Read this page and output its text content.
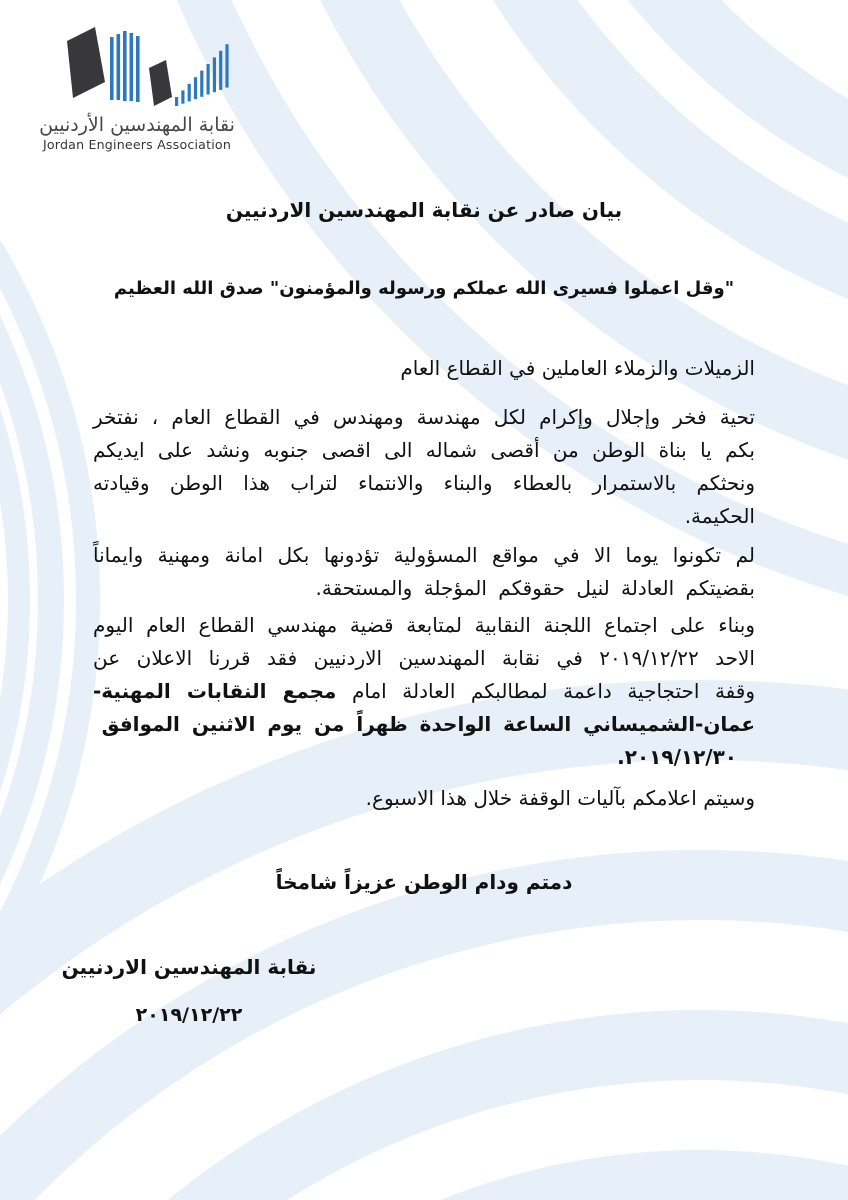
نقابة المهندسين الأردنيين
Jordan Engineers Association
بيان صادر عن نقابة المهندسين الاردنيين

"وقل اعملوا فسيرى الله عملكم ورسوله والمؤمنون" صدق الله العظيم

الزميلات والزملاء العاملين في القطاع العام

تحية فخر وإجلال وإكرام لكل مهندسة ومهندس في القطاع العام ، نفتخر بكم يا بناة الوطن من أقصى شماله الى اقصى جنوبه ونشد على ايديكم ونحثكم بالاستمرار بالعطاء والبناء والانتماء لتراب هذا الوطن وقيادته الحكيمة.

لم تكونوا يوما الا في مواقع المسؤولية تؤدونها بكل امانة ومهنية وايماناً بقضيتكم العادلة لنيل حقوقكم المؤجلة والمستحقة.

وبناء على اجتماع اللجنة النقابية لمتابعة قضية مهندسي القطاع العام اليوم الاحد ٢٠١٩/١٢/٢٢ في نقابة المهندسين الاردنيين فقد قررنا الاعلان عن وقفة احتجاجية داعمة لمطالبكم العادلة امام مجمع النقابات المهنية-عمان-الشميساني الساعة الواحدة ظهراً من يوم الاثنين الموافق

٢٠١٩/١٢/٣٠.

وسيتم اعلامكم بآليات الوقفة خلال هذا الاسبوع.

دمتم ودام الوطن عزيزاً شامخاً

نقابة المهندسين الاردنيين
٢٠١٩/١٢/٢٢
